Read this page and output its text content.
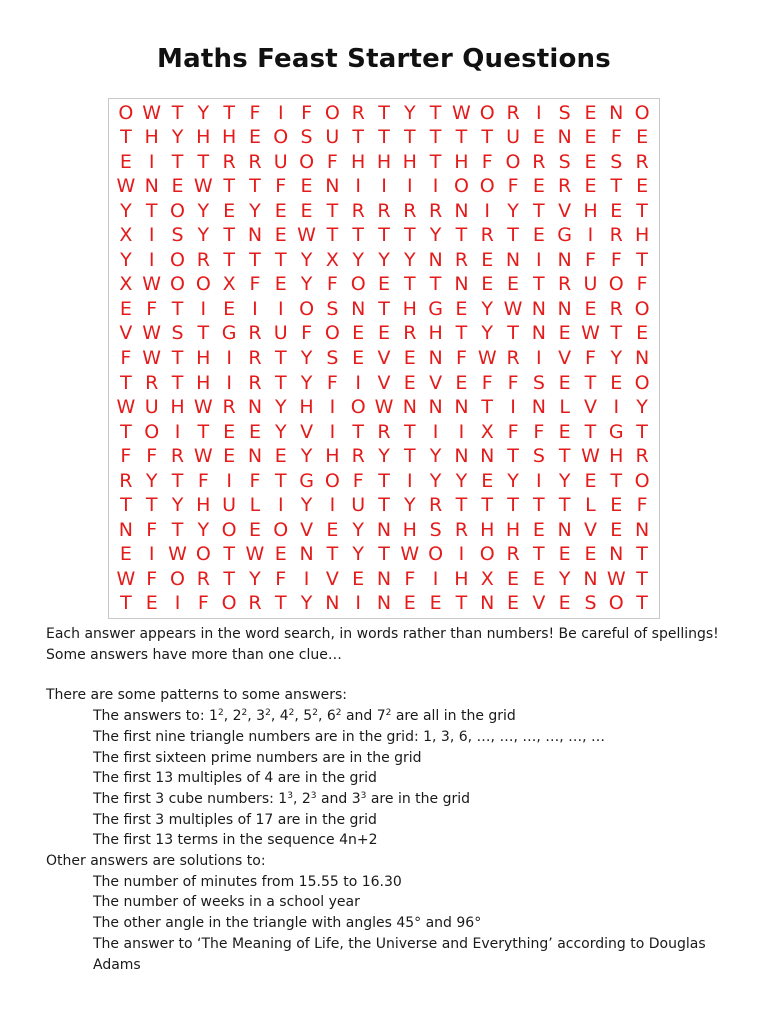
Maths Feast Starter Questions
O W T Y T F I F O R T Y T W O R I S E N O
T H Y H H E O S U T T T T T T U E N E F E
E I T T R R U O F H H H T H F O R S E S R
W N E W T T F E N I	I	I	I O O F E R E T E
Y T O Y E Y E E T R R R R N I Y T V H E T
X I S Y T N E W T T T T Y T R T E G I R H
Y I O R T T T Y X Y Y Y N R E N I N F F T
X W O O X F E Y F O E T T N E E T R U O F
E F T I E I	I O S N T H G E Y W N N E R O
V W S T G R U F O E E R H T Y T N E W T E
F W T H I R T Y S E V E N F W R I V F Y N
T R T H I R T Y F I V E V E F F S E T E O
W U H W R N Y H I O W N N N T I N L V I Y
T O I T E E Y V I T R T I	I X F F E T G T
F F R W E N E Y H R Y T Y N N T S T W H R
R Y T F I F T G O F T I Y Y E Y I Y E T O
T T Y H U L I Y I U T Y R T T T T T L E F
N F T Y O E O V E Y N H S R H H E N V E N
E I W O T W E N T Y T W O I O R T E E N T
W F O R T Y F I V E N F I H X E E Y N W T
T E I F O R T Y N I N E E T N E V E S O T

Each answer appears in the word search, in words rather than numbers! Be careful of spellings! Some answers have more than one clue…

There are some patterns to some answers:

The answers to: $1^2$, $2^2$, $3^2$, $4^2$, $5^2$, $6^2$ and $7^2$ are all in the grid

The first nine triangle numbers are in the grid: 1, 3, 6, …, …, …, …, …, …

The first sixteen prime numbers are in the grid

The first 13 multiples of 4 are in the grid

The first 3 cube numbers: $1^3$, $2^3$ and $3^3$ are in the grid

The first 3 multiples of 17 are in the grid

The first 13 terms in the sequence 4n+2

Other answers are solutions to:

The number of minutes from 15.55 to 16.30

The number of weeks in a school year

The other angle in the triangle with angles 45° and 96°

The answer to ‘The Meaning of Life, the Universe and Everything’ according to Douglas Adams
